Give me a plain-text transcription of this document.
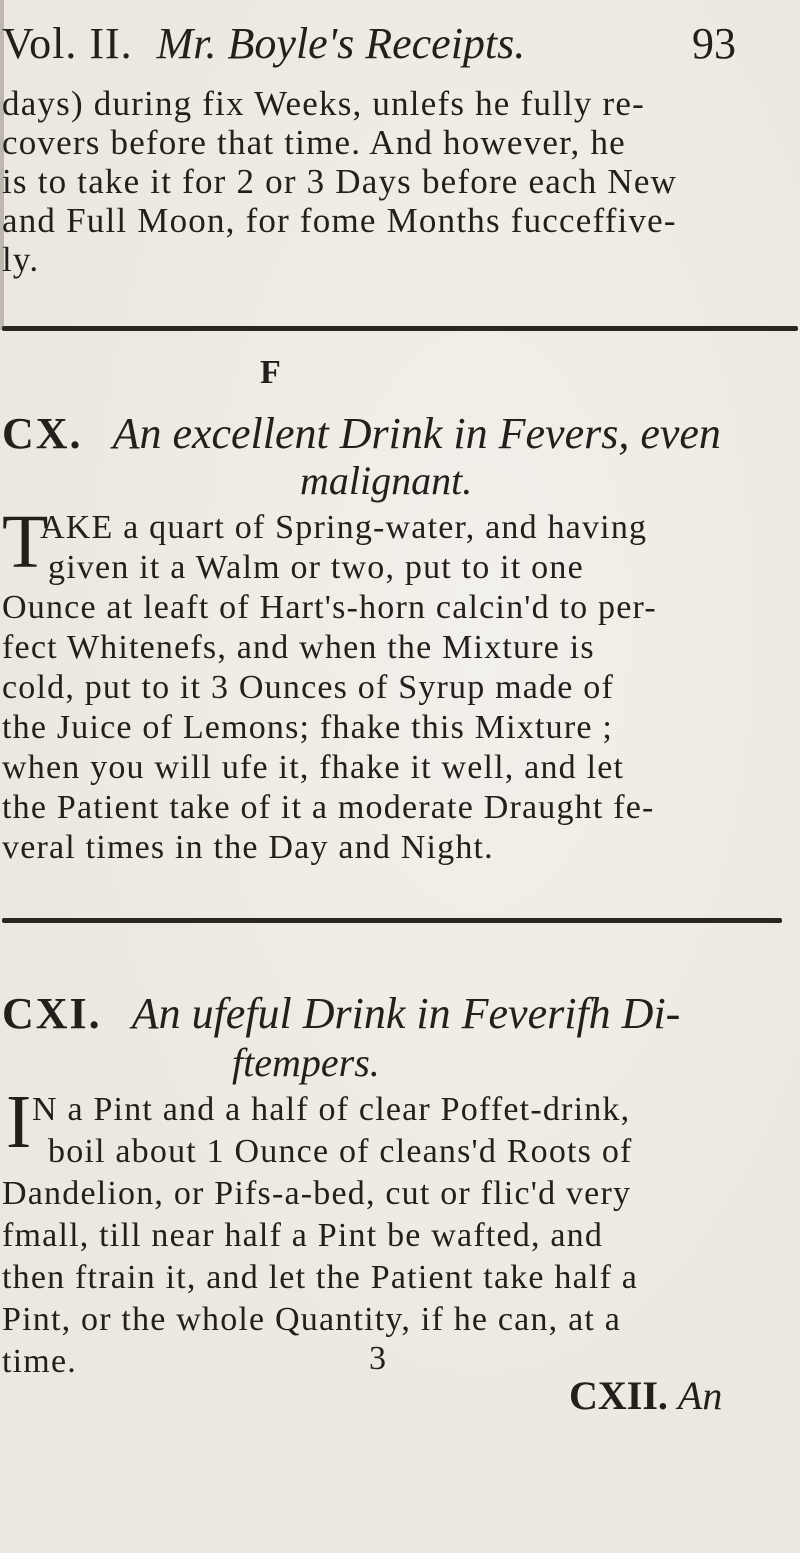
Vol. II. Mr. Boyle's Receipts.	93
days) during fix Weeks, unlefs he fully re-
covers before that time. And however, he
is to take it for 2 or 3 Days before each New
and Full Moon, for fome Months fucceffive-
ly.
F
CX. An excellent Drink in Fevers, even
malignant.
T
AKE a quart of Spring-water, and having
given it a Walm or two, put to it one
Ounce at leaft of Hart's-horn calcin'd to per-
fect Whitenefs, and when the Mixture is
cold, put to it 3 Ounces of Syrup made of
the Juice of Lemons; fhake this Mixture ;
when you will ufe it, fhake it well, and let
the Patient take of it a moderate Draught fe-
veral times in the Day and Night.
CXI. An ufeful Drink in Feverifh Di-
ftempers.
I N a Pint and a half of clear Poffet-drink,
boil about 1 Ounce of cleans'd Roots of
Dandelion, or Pifs-a-bed, cut or flic'd very
fmall, till near half a Pint be wafted, and
then ftrain it, and let the Patient take half a
Pint, or the whole Quantity, if he can, at a
time.	3
CXII. An
